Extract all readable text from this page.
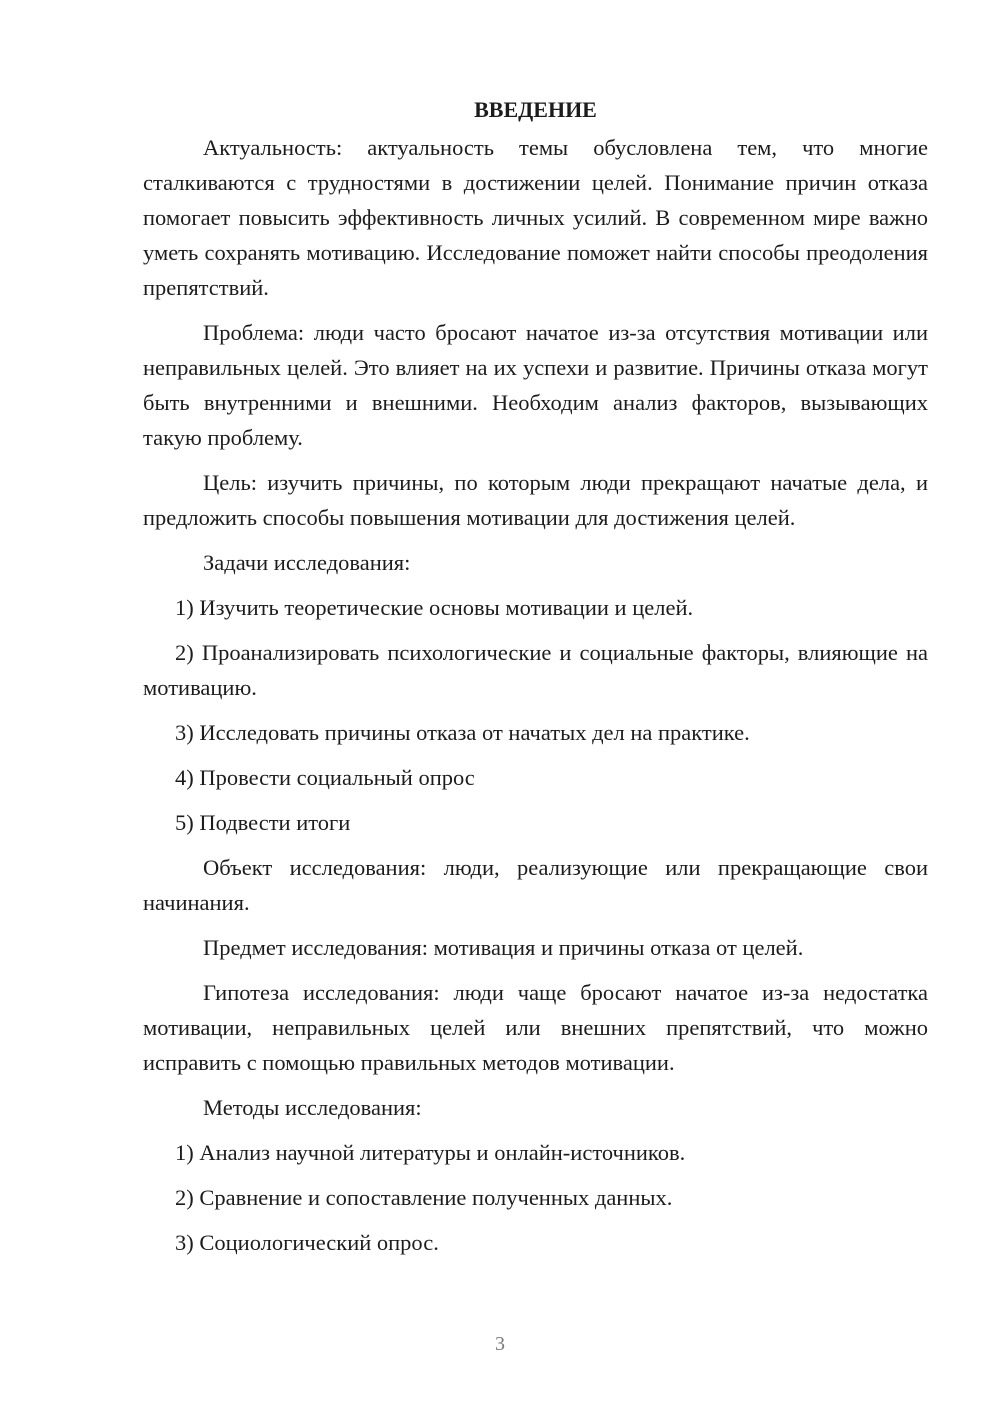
ВВЕДЕНИЕ

Актуальность: актуальность темы обусловлена тем, что многие сталкиваются с трудностями в достижении целей. Понимание причин отказа помогает повысить эффективность личных усилий. В современном мире важно уметь сохранять мотивацию. Исследование поможет найти способы преодоления препятствий.

Проблема: люди часто бросают начатое из-за отсутствия мотивации или неправильных целей. Это влияет на их успехи и развитие. Причины отказа могут быть внутренними и внешними. Необходим анализ факторов, вызывающих такую проблему.

Цель: изучить причины, по которым люди прекращают начатые дела, и предложить способы повышения мотивации для достижения целей.

Задачи исследования:

1) Изучить теоретические основы мотивации и целей.

2) Проанализировать психологические и социальные факторы, влияющие на мотивацию.

3) Исследовать причины отказа от начатых дел на практике.

4) Провести социальный опрос

5) Подвести итоги

Объект исследования: люди, реализующие или прекращающие свои начинания.

Предмет исследования: мотивация и причины отказа от целей.

Гипотеза исследования: люди чаще бросают начатое из-за недостатка мотивации, неправильных целей или внешних препятствий, что можно исправить с помощью правильных методов мотивации.

Методы исследования:

1) Анализ научной литературы и онлайн-источников.

2) Сравнение и сопоставление полученных данных.

3) Социологический опрос.

3
